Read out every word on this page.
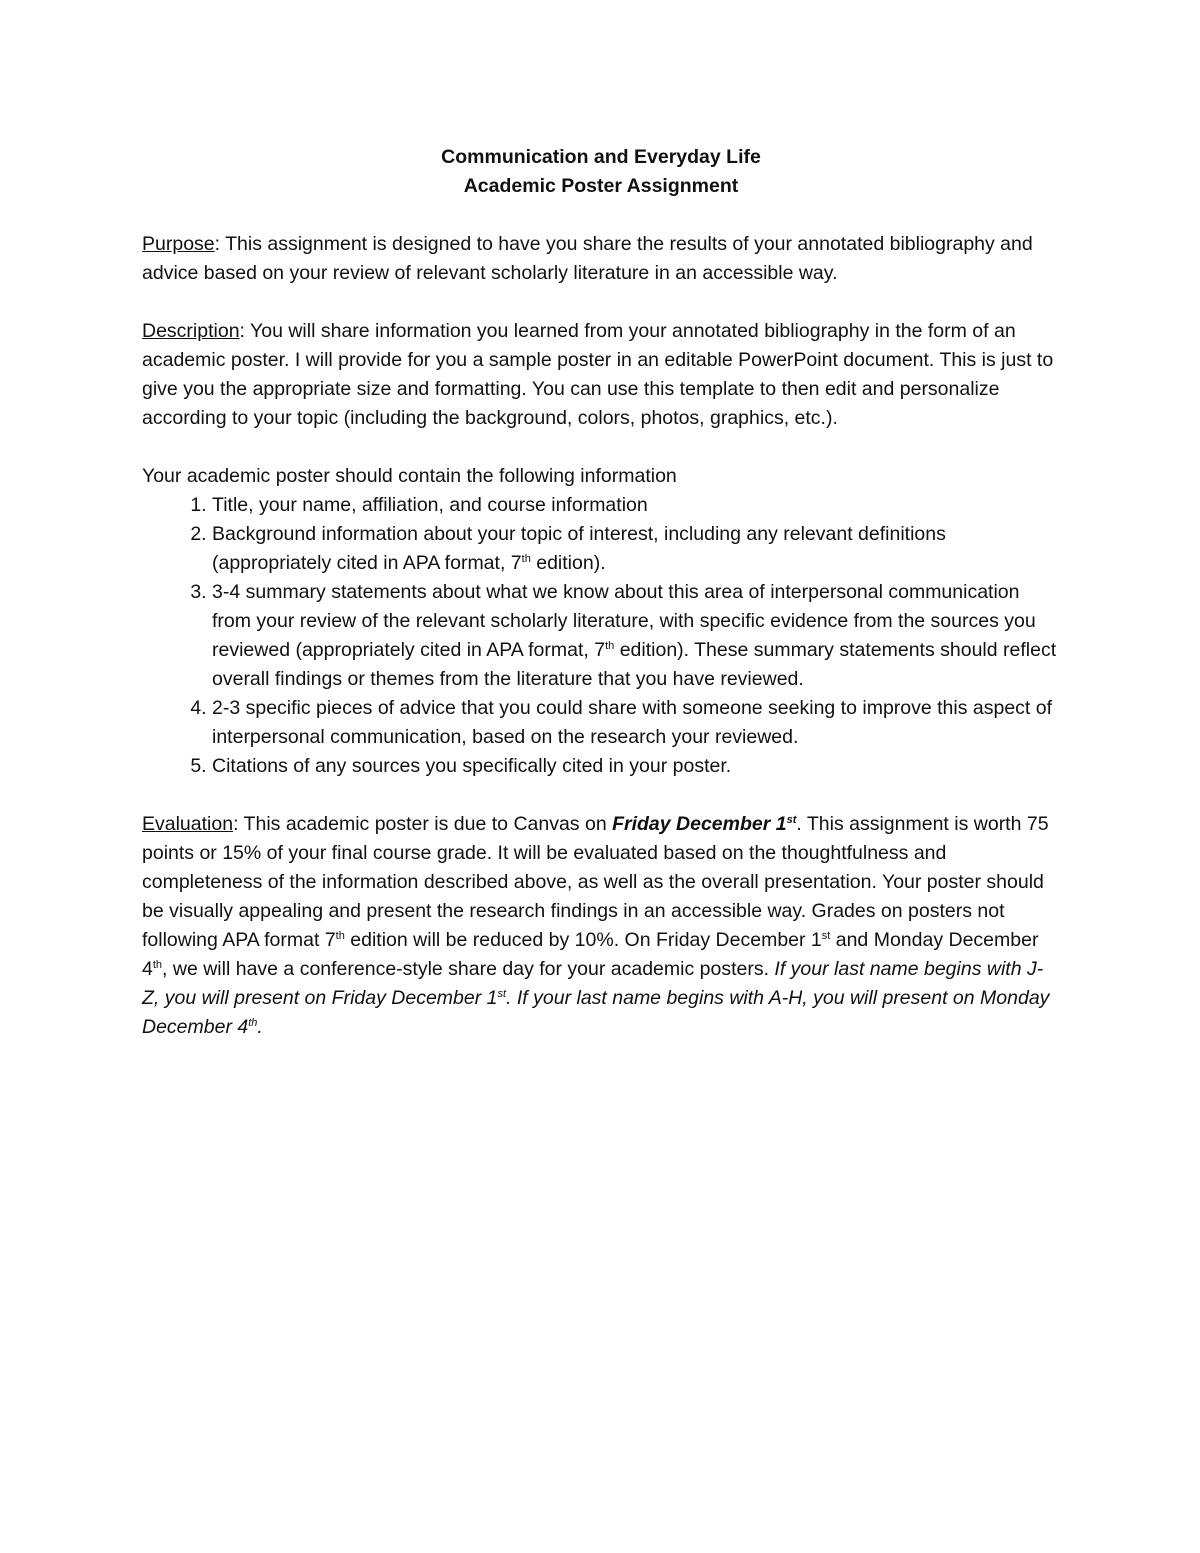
Communication and Everyday Life
Academic Poster Assignment

Purpose: This assignment is designed to have you share the results of your annotated bibliography and advice based on your review of relevant scholarly literature in an accessible way.

Description: You will share information you learned from your annotated bibliography in the form of an academic poster. I will provide for you a sample poster in an editable PowerPoint document. This is just to give you the appropriate size and formatting. You can use this template to then edit and personalize according to your topic (including the background, colors, photos, graphics, etc.).

Your academic poster should contain the following information

1. Title, your name, affiliation, and course information
2. Background information about your topic of interest, including any relevant definitions (appropriately cited in APA format, 7th edition).
3. 3-4 summary statements about what we know about this area of interpersonal communication from your review of the relevant scholarly literature, with specific evidence from the sources you reviewed (appropriately cited in APA format, 7th edition). These summary statements should reflect overall findings or themes from the literature that you have reviewed.
4. 2-3 specific pieces of advice that you could share with someone seeking to improve this aspect of interpersonal communication, based on the research your reviewed.
5. Citations of any sources you specifically cited in your poster.

Evaluation: This academic poster is due to Canvas on Friday December 1st. This assignment is worth 75 points or 15% of your final course grade. It will be evaluated based on the thoughtfulness and completeness of the information described above, as well as the overall presentation. Your poster should be visually appealing and present the research findings in an accessible way. Grades on posters not following APA format 7th edition will be reduced by 10%. On Friday December 1st and Monday December 4th, we will have a conference-style share day for your academic posters. If your last name begins with J-Z, you will present on Friday December 1st. If your last name begins with A-H, you will present on Monday December 4th.
